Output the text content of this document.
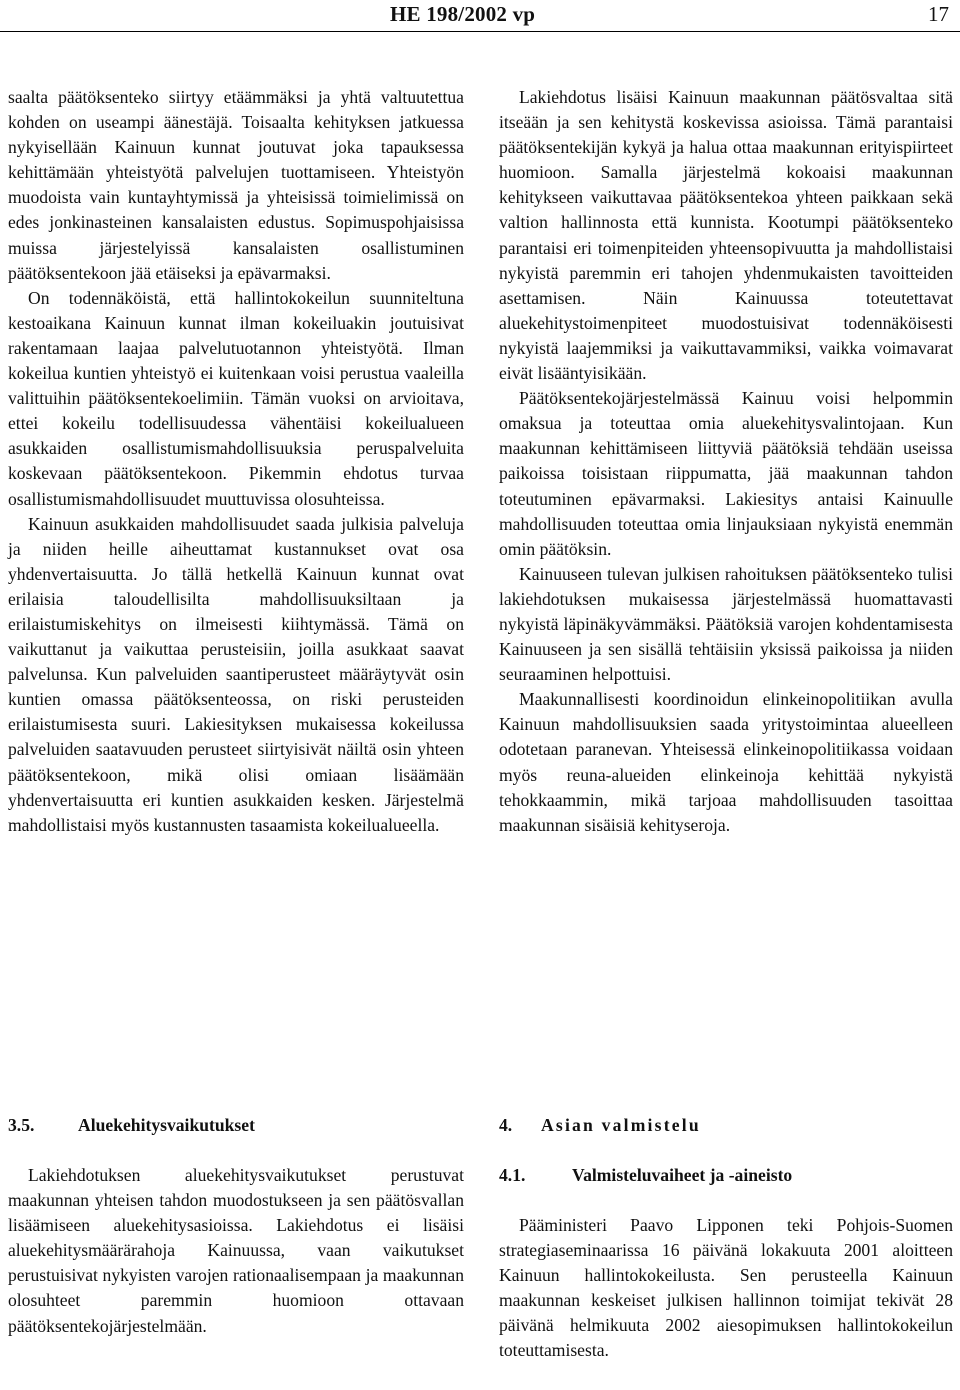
HE 198/2002 vp	17

saalta päätöksenteko siirtyy etäämmäksi ja yhtä valtuutettua kohden on useampi äänestäjä. Toisaalta kehityksen jatkuessa nykyisellään Kainuun kunnat joutuvat joka tapauksessa kehittämään yhteistyötä palvelujen tuottamiseen. Yhteistyön muodoista vain kuntayhtymissä ja yhteisissä toimielimissä on edes jonkinasteinen kansalaisten edustus. Sopimuspohjaisissa muissa järjestelyissä kansalaisten osallistuminen päätöksentekoon jää etäiseksi ja epävarmaksi.

On todennäköistä, että hallintokokeilun suunniteltuna kestoaikana Kainuun kunnat ilman kokeiluakin joutuisivat rakentamaan laajaa palvelutuotannon yhteistyötä. Ilman kokeilua kuntien yhteistyö ei kuitenkaan voisi perustua vaaleilla valittuihin päätöksentekoelimiin. Tämän vuoksi on arvioitava, ettei kokeilu todellisuudessa vähentäisi kokeilualueen asukkaiden osallistumismahdollisuuksia peruspalveluita koskevaan päätöksentekoon. Pikemmin ehdotus turvaa osallistumismahdollisuudet muuttuvissa olosuhteissa.

Kainuun asukkaiden mahdollisuudet saada julkisia palveluja ja niiden heille aiheuttamat kustannukset ovat osa yhdenvertaisuutta. Jo tällä hetkellä Kainuun kunnat ovat erilaisia taloudellisilta mahdollisuuksiltaan ja erilaistumiskehitys on ilmeisesti kiihtymässä. Tämä on vaikuttanut ja vaikuttaa perusteisiin, joilla asukkaat saavat palvelunsa. Kun palveluiden saantiperusteet määräytyvät osin kuntien omassa päätöksenteossa, on riski perusteiden erilaistumisesta suuri. Lakiesityksen mukaisessa kokeilussa palveluiden saatavuuden perusteet siirtyisivät näiltä osin yhteen päätöksentekoon, mikä olisi omiaan lisäämään yhdenvertaisuutta eri kuntien asukkaiden kesken. Järjestelmä mahdollistaisi myös kustannusten tasaamista kokeilualueella.

3.5. Aluekehitysvaikutukset

Lakiehdotuksen aluekehitysvaikutukset perustuvat maakunnan yhteisen tahdon muodostukseen ja sen päätösvallan lisäämiseen aluekehitysasioissa. Lakiehdotus ei lisäisi aluekehitysmäärärahoja Kainuussa, vaan vaikutukset perustuisivat nykyisten varojen rationaalisempaan ja maakunnan olosuhteet paremmin huomioon ottavaan päätöksentekojärjestelmään.

Lakiehdotus lisäisi Kainuun maakunnan päätösvaltaa sitä itseään ja sen kehitystä koskevissa asioissa. Tämä parantaisi päätöksentekijän kykyä ja halua ottaa maakunnan erityispiirteet huomioon. Samalla järjestelmä kokoaisi maakunnan kehitykseen vaikuttavaa päätöksentekoa yhteen paikkaan sekä valtion hallinnosta että kunnista. Kootumpi päätöksenteko parantaisi eri toimenpiteiden yhteensopivuutta ja mahdollistaisi nykyistä paremmin eri tahojen yhdenmukaisten tavoitteiden asettamisen. Näin Kainuussa toteutettavat aluekehitystoimenpiteet muodostuisivat todennäköisesti nykyistä laajemmiksi ja vaikuttavammiksi, vaikka voimavarat eivät lisääntyisikään.

Päätöksentekojärjestelmässä Kainuu voisi helpommin omaksua ja toteuttaa omia aluekehitysvalintojaan. Kun maakunnan kehittämiseen liittyviä päätöksiä tehdään useissa paikoissa toisistaan riippumatta, jää maakunnan tahdon toteutuminen epävarmaksi. Lakiesitys antaisi Kainuulle mahdollisuuden toteuttaa omia linjauksiaan nykyistä enemmän omin päätöksin.

Kainuuseen tulevan julkisen rahoituksen päätöksenteko tulisi lakiehdotuksen mukaisessa järjestelmässä huomattavasti nykyistä läpinäkyvämmäksi. Päätöksiä varojen kohdentamisesta Kainuuseen ja sen sisällä tehtäisiin yksissä paikoissa ja niiden seuraaminen helpottuisi.

Maakunnallisesti koordinoidun elinkeinopolitiikan avulla Kainuun mahdollisuuksien saada yritystoimintaa alueelleen odotetaan paranevan. Yhteisessä elinkeinopolitiikassa voidaan myös reuna-alueiden elinkeinoja kehittää nykyistä tehokkaammin, mikä tarjoaa mahdollisuuden tasoittaa maakunnan sisäisiä kehityseroja.

4. Asian valmistelu
4.1.	Valmisteluvaiheet ja -aineisto

Pääministeri Paavo Lipponen teki Pohjois-Suomen strategiaseminaarissa 16 päivänä lokakuuta 2001 aloitteen Kainuun hallintokokeilusta. Sen perusteella Kainuun maakunnan keskeiset julkisen hallinnon toimijat tekivät 28 päivänä helmikuuta 2002 aiesopimuksen hallintokokeilun toteuttamisesta.
